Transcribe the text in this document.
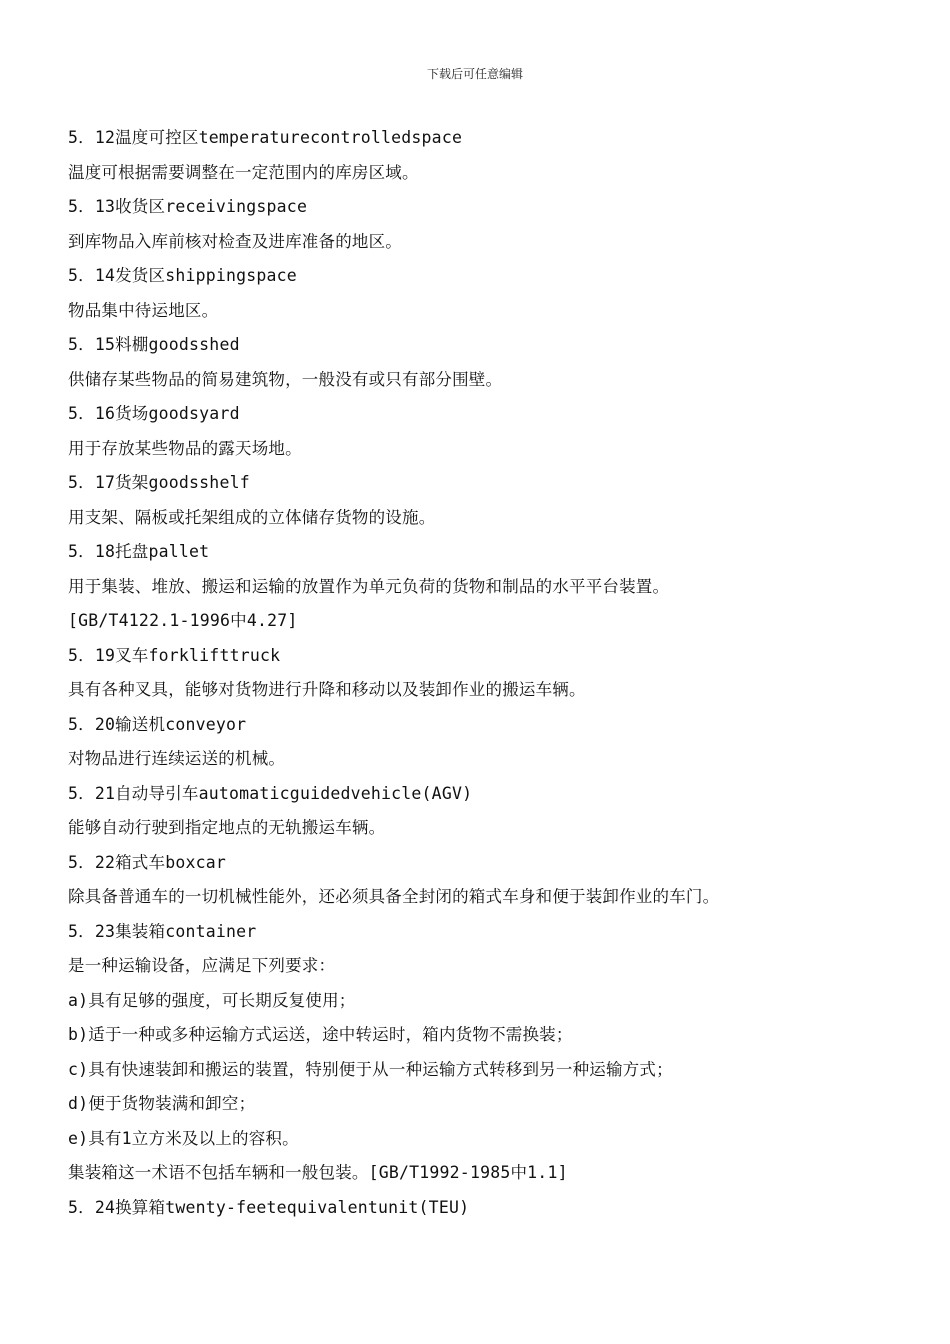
下载后可任意编辑
5．12温度可控区temperaturecontrolledspace
温度可根据需要调整在一定范围内的库房区域。
5．13收货区receivingspace
到库物品入库前核对检查及进库准备的地区。
5．14发货区shippingspace
物品集中待运地区。
5．15料棚goodsshed
供储存某些物品的简易建筑物，一般没有或只有部分围壁。
5．16货场goodsyard
用于存放某些物品的露天场地。
5．17货架goodsshelf
用支架、隔板或托架组成的立体储存货物的设施。
5．18托盘pallet
用于集装、堆放、搬运和运输的放置作为单元负荷的货物和制品的水平平台装置。
[GB/T4122.1-1996中4.27]
5．19叉车forklifttruck
具有各种叉具，能够对货物进行升降和移动以及装卸作业的搬运车辆。
5．20输送机conveyor
对物品进行连续运送的机械。
5．21自动导引车automaticguidedvehicle(AGV)
能够自动行驶到指定地点的无轨搬运车辆。
5．22箱式车boxcar
除具备普通车的一切机械性能外，还必须具备全封闭的箱式车身和便于装卸作业的车门。
5．23集装箱container
是一种运输设备，应满足下列要求：
a)具有足够的强度，可长期反复使用；
b)适于一种或多种运输方式运送，途中转运时，箱内货物不需换装；
c)具有快速装卸和搬运的装置，特别便于从一种运输方式转移到另一种运输方式；
d)便于货物装满和卸空；
e)具有1立方米及以上的容积。
集装箱这一术语不包括车辆和一般包装。[GB/T1992-1985中1.1]
5．24换算箱twenty-feetequivalentunit(TEU)
